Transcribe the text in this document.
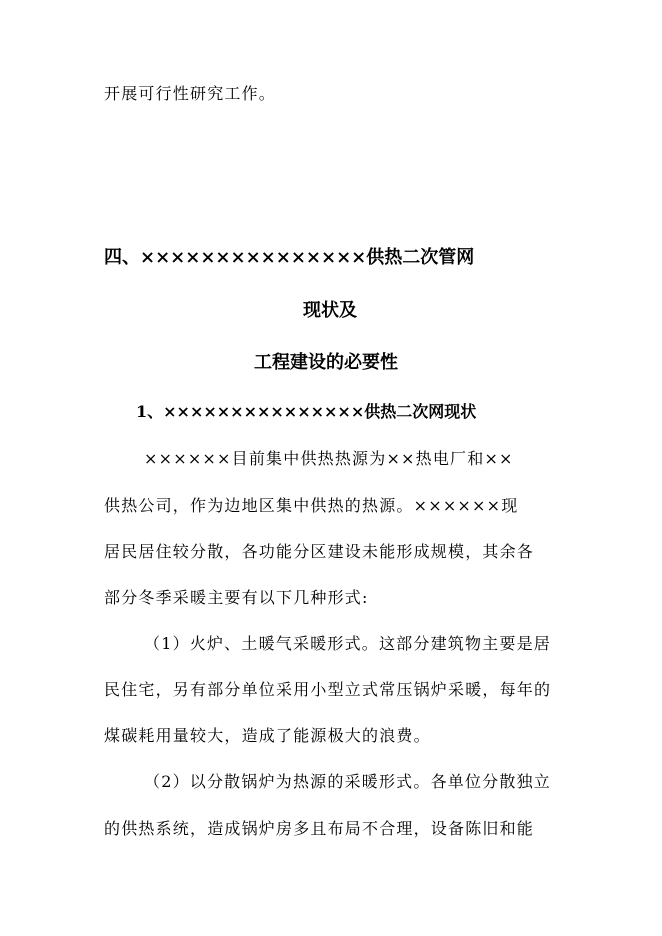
开展可行性研究工作。
四、×××××××××××××××供热二次管网
现状及
工程建设的必要性
1、×××××××××××××××供热二次网现状
××××××目前集中供热热源为××热电厂和××
供热公司，作为边地区集中供热的热源。××××××现
居民居住较分散，各功能分区建设未能形成规模，其余各
部分冬季采暖主要有以下几种形式:
（1）火炉、土暖气采暖形式。这部分建筑物主要是居
民住宅，另有部分单位采用小型立式常压锅炉采暖，每年的
煤碳耗用量较大，造成了能源极大的浪费。
（2）以分散锅炉为热源的采暖形式。各单位分散独立
的供热系统，造成锅炉房多且布局不合理，设备陈旧和能
